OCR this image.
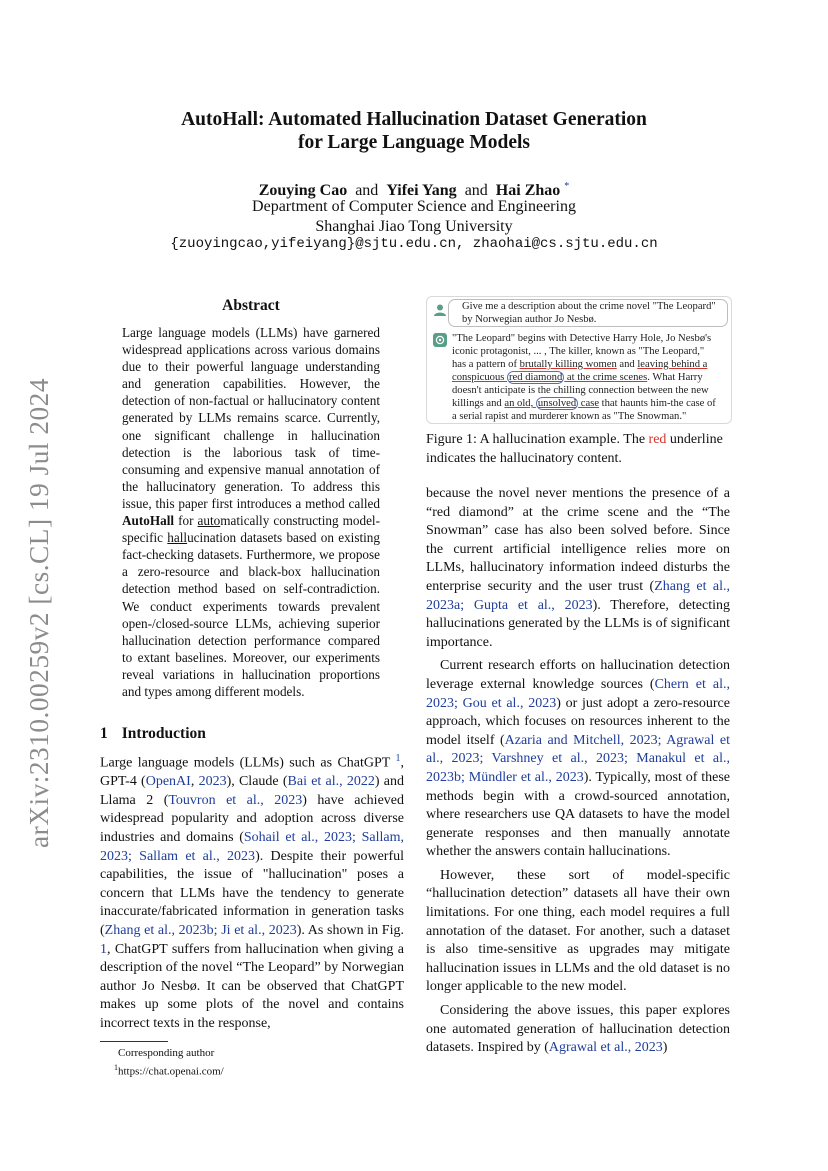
arXiv:2310.00259v2 [cs.CL] 19 Jul 2024
AutoHall: Automated Hallucination Dataset Generation
for Large Language Models
Zouying Cao and Yifei Yang and Hai Zhao *
Department of Computer Science and Engineering
Shanghai Jiao Tong University
{zuoyingcao,yifeiyang}@sjtu.edu.cn, zhaohai@cs.sjtu.edu.cn
Abstract

Large language models (LLMs) have garnered widespread applications across various domains due to their powerful language understanding and generation capabilities. However, the detection of non-factual or hallucinatory content generated by LLMs remains scarce. Currently, one significant challenge in hallucination detection is the laborious task of time-consuming and expensive manual annotation of the hallucinatory generation. To address this issue, this paper first introduces a method called AutoHall for automatically constructing model-specific hallucination datasets based on existing fact-checking datasets. Furthermore, we propose a zero-resource and black-box hallucination detection method based on self-contradiction. We conduct experiments towards prevalent open-/closed-source LLMs, achieving superior hallucination detection performance compared to extant baselines. Moreover, our experiments reveal variations in hallucination proportions and types among different models.

1 Introduction

Large language models (LLMs) such as ChatGPT $^1$, GPT-4 (OpenAI, 2023), Claude (Bai et al., 2022) and Llama 2 (Touvron et al., 2023) have achieved widespread popularity and adoption across diverse industries and domains (Sohail et al., 2023; Sallam, 2023; Sallam et al., 2023). Despite their powerful capabilities, the issue of "hallucination" poses a concern that LLMs have the tendency to generate inaccurate/fabricated information in generation tasks (Zhang et al., 2023b; Ji et al., 2023). As shown in Fig. 1, ChatGPT suffers from hallucination when giving a description of the novel “The Leopard” by Norwegian author Jo Nesbø. It can be observed that ChatGPT makes up some plots of the novel and contains incorrect texts in the response,

Corresponding author
$^1$https://chat.openai.com/
Give me a description about the crime novel "The Leopard"
by Norwegian author Jo Nesbø.
"The Leopard" begins with Detective Harry Hole, Jo Nesbø's
iconic protagonist, ... , The killer, known as "The Leopard,"
has a pattern of brutally killing women and leaving behind a
conspicuous red diamond at the crime scenes. What Harry
doesn't anticipate is the chilling connection between the new
killings and an old, unsolved case that haunts him-the case of
a serial rapist and murderer known as "The Snowman."
Figure 1: A hallucination example. The red underline indicates the hallucinatory content.

because the novel never mentions the presence of a “red diamond” at the crime scene and the “The Snowman” case has also been solved before. Since the current artificial intelligence relies more on LLMs, hallucinatory information indeed disturbs the enterprise security and the user trust (Zhang et al., 2023a; Gupta et al., 2023). Therefore, detecting hallucinations generated by the LLMs is of significant importance.

Current research efforts on hallucination detection leverage external knowledge sources (Chern et al., 2023; Gou et al., 2023) or just adopt a zero-resource approach, which focuses on resources inherent to the model itself (Azaria and Mitchell, 2023; Agrawal et al., 2023; Varshney et al., 2023; Manakul et al., 2023b; Mündler et al., 2023). Typically, most of these methods begin with a crowd-sourced annotation, where researchers use QA datasets to have the model generate responses and then manually annotate whether the answers contain hallucinations.

However, these sort of model-specific “hallucination detection” datasets all have their own limitations. For one thing, each model requires a full annotation of the dataset. For another, such a dataset is also time-sensitive as upgrades may mitigate hallucination issues in LLMs and the old dataset is no longer applicable to the new model.

Considering the above issues, this paper explores one automated generation of hallucination detection datasets. Inspired by (Agrawal et al., 2023)
